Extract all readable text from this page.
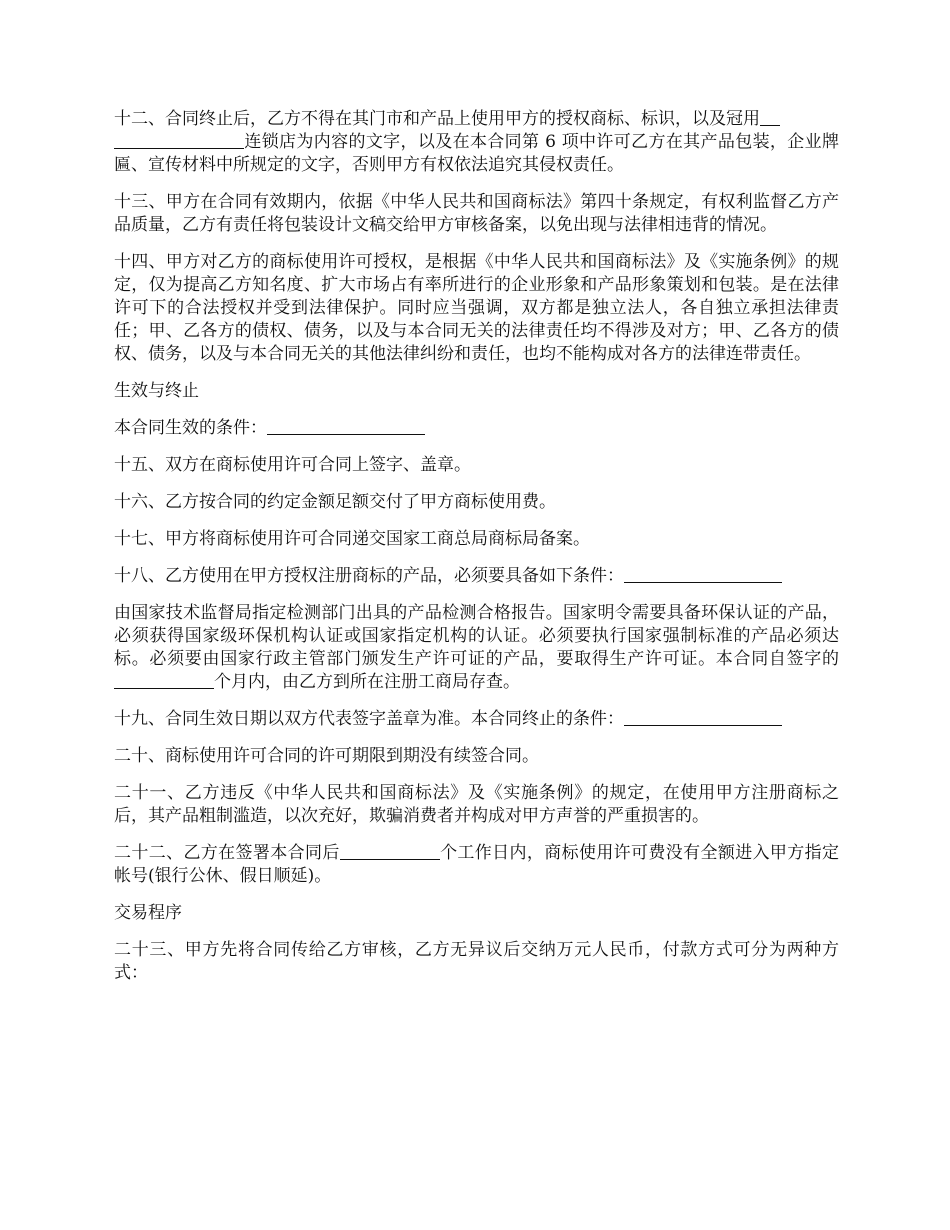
十二、合同终止后，乙方不得在其门市和产品上使用甲方的授权商标、标识，以及冠用
连锁店为内容的文字，以及在本合同第 6 项中许可乙方在其产品包装，企业牌匾、宣传材料中所规定的文字，否则甲方有权依法追究其侵权责任。

十三、甲方在合同有效期内，依据《中华人民共和国商标法》第四十条规定，有权利监督乙方产品质量，乙方有责任将包装设计文稿交给甲方审核备案，以免出现与法律相违背的情况。

十四、甲方对乙方的商标使用许可授权，是根据《中华人民共和国商标法》及《实施条例》的规定，仅为提高乙方知名度、扩大市场占有率所进行的企业形象和产品形象策划和包装。是在法律许可下的合法授权并受到法律保护。同时应当强调，双方都是独立法人，各自独立承担法律责任；甲、乙各方的债权、债务，以及与本合同无关的法律责任均不得涉及对方；甲、乙各方的债权、债务，以及与本合同无关的其他法律纠纷和责任，也均不能构成对各方的法律连带责任。

生效与终止

本合同生效的条件：

十五、双方在商标使用许可合同上签字、盖章。

十六、乙方按合同的约定金额足额交付了甲方商标使用费。

十七、甲方将商标使用许可合同递交国家工商总局商标局备案。

十八、乙方使用在甲方授权注册商标的产品，必须要具备如下条件：

由国家技术监督局指定检测部门出具的产品检测合格报告。国家明令需要具备环保认证的产品，必须获得国家级环保机构认证或国家指定机构的认证。必须要执行国家强制标准的产品必须达标。必须要由国家行政主管部门颁发生产许可证的产品，要取得生产许可证。本合同自签字的个月内，由乙方到所在注册工商局存查。

十九、合同生效日期以双方代表签字盖章为准。本合同终止的条件：

二十、商标使用许可合同的许可期限到期没有续签合同。

二十一、乙方违反《中华人民共和国商标法》及《实施条例》的规定，在使用甲方注册商标之后，其产品粗制滥造，以次充好，欺骗消费者并构成对甲方声誉的严重损害的。

二十二、乙方在签署本合同后	个工作日内，商标使用许可费没有全额进入甲方指定帐号(银行公休、假日顺延)。

交易程序

二十三、甲方先将合同传给乙方审核，乙方无异议后交纳万元人民币，付款方式可分为两种方式：
